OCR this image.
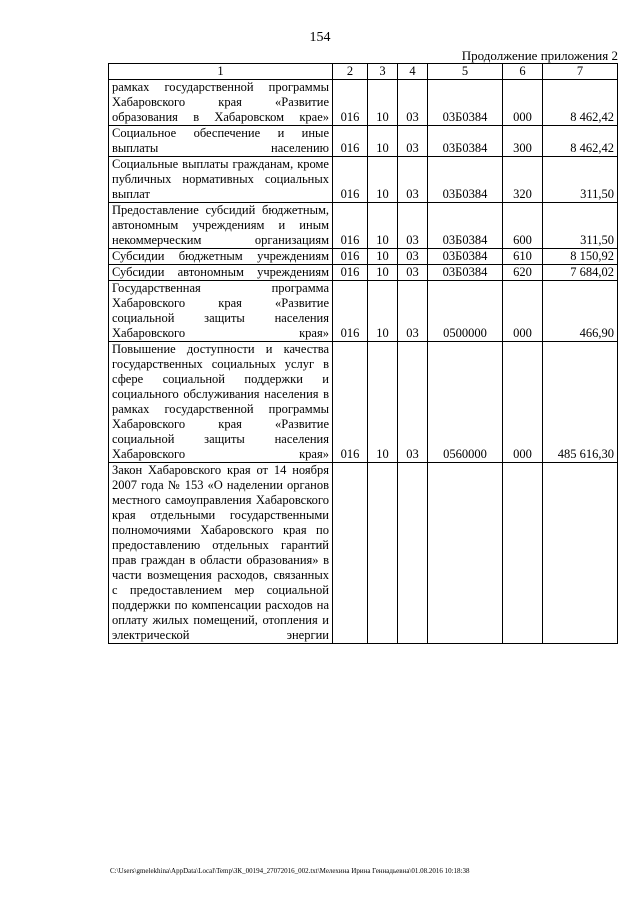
154
Продолжение приложения 2
1	2	3	4	5	6	7
рамках государственной программы Хабаровского края «Развитие образования в Хабаровском крае»	016	10	03	03Б0384	000	8 462,42
Социальное обеспечение и иные выплаты населению	016	10	03	03Б0384	300	8 462,42
Социальные выплаты гражданам, кроме публичных нормативных социальных выплат	016	10	03	03Б0384	320	311,50
Предоставление субсидий бюджетным, автономным учреждениям и иным некоммерческим организациям	016	10	03	03Б0384	600	311,50
Субсидии бюджетным учреждениям	016	10	03	03Б0384	610	8 150,92
Субсидии автономным учреждениям	016	10	03	03Б0384	620	7 684,02
Государственная программа Хабаровского края «Развитие социальной защиты населения Хабаровского края»	016	10	03	0500000	000	466,90
Повышение доступности и качества государственных социальных услуг в сфере социальной поддержки и социального обслуживания населения в рамках государственной программы Хабаровского края «Развитие социальной защиты населения Хабаровского края»	016	10	03	0560000	000	485 616,30
Закон Хабаровского края от 14 ноября 2007 года № 153 «О наделении органов местного самоуправления Хабаровского края отдельными государственными полномочиями Хабаровского края по предоставлению отдельных гарантий прав граждан в области образования» в части возмещения расходов, связанных с предоставлением мер социальной поддержки по компенсации расходов на оплату жилых помещений, отопления и электрической энергии						
C:\Users\gmelekhina\AppData\Local\Temp\ЗК_00194_27072016_002.txt\Мелехина Ирина Геннадьевна\01.08.2016 10:18:38
